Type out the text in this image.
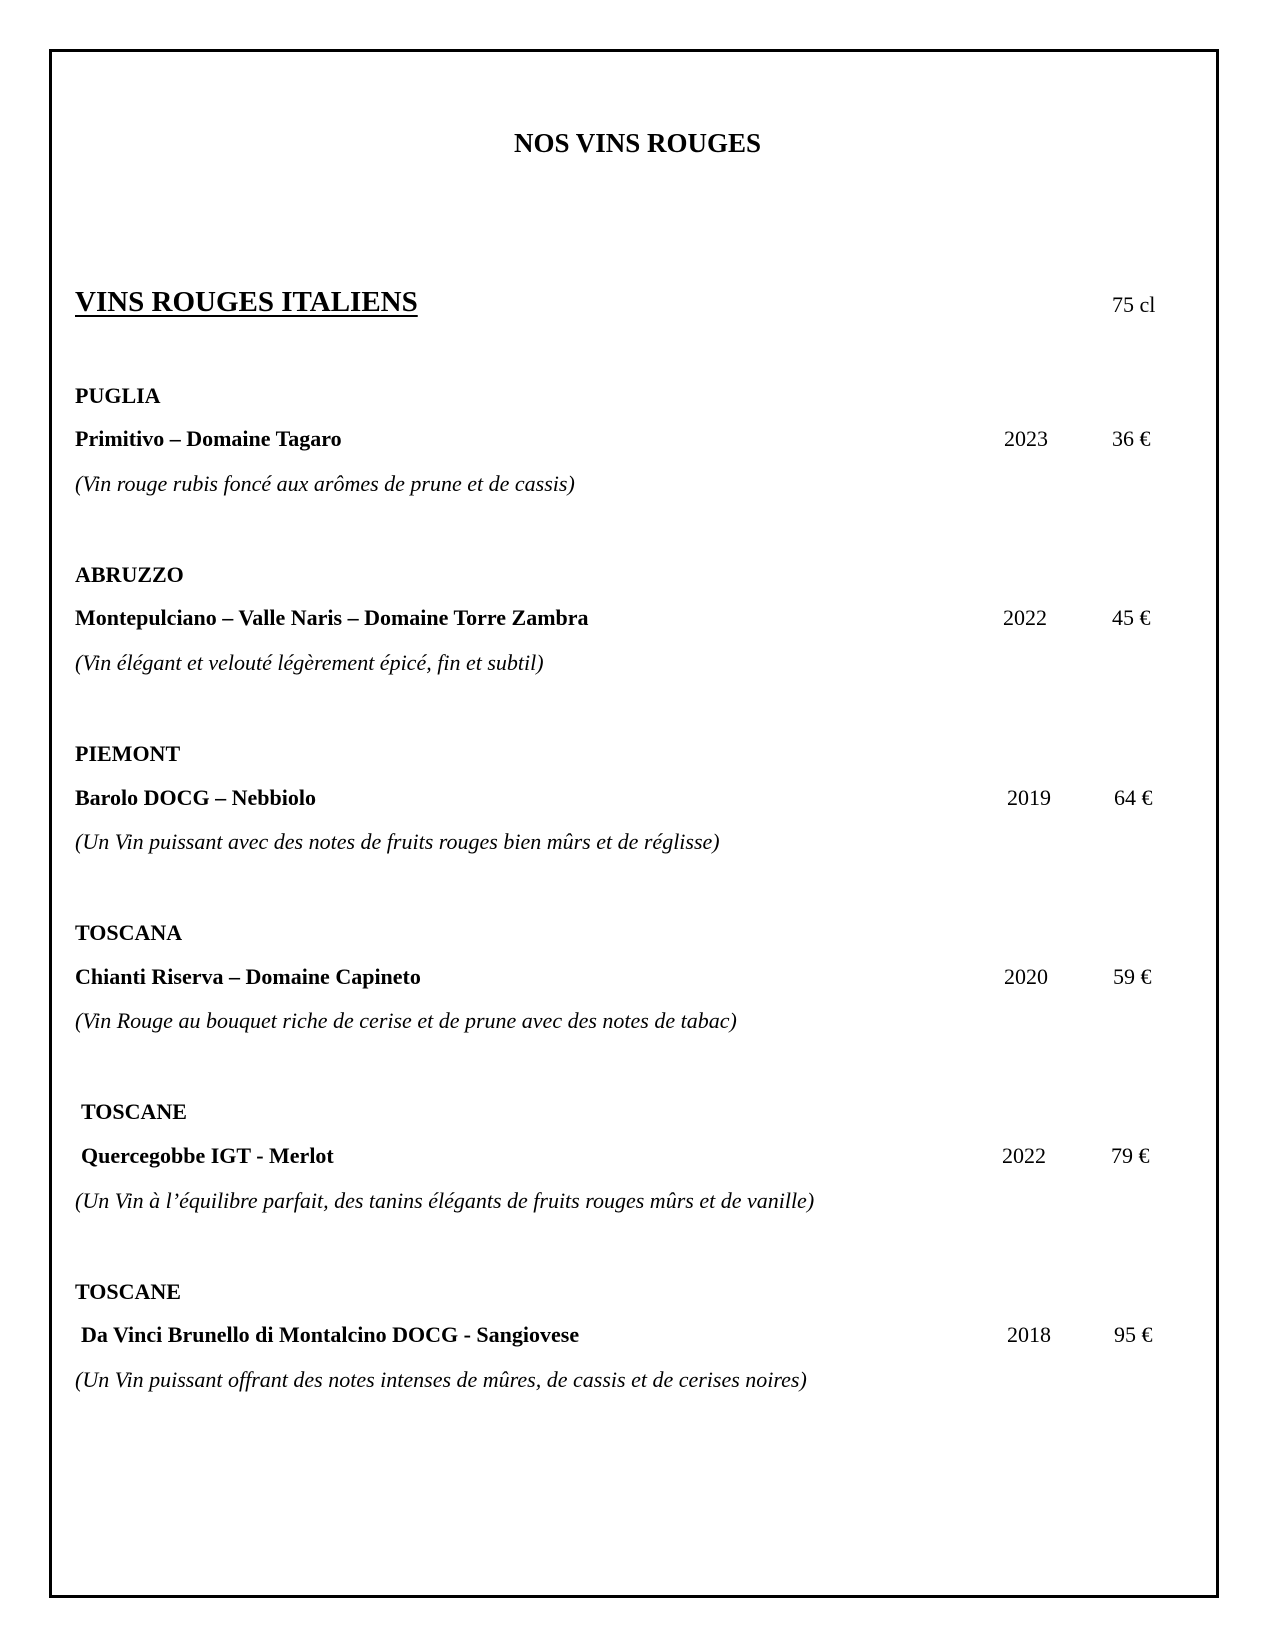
NOS VINS ROUGES
VINS ROUGES ITALIENS	75 cl
PUGLIA
Primitivo – Domaine Tagaro	2023	36 €
(Vin rouge rubis foncé aux arômes de prune et de cassis)
ABRUZZO
Montepulciano – Valle Naris – Domaine Torre Zambra	2022	45 €
(Vin élégant et velouté légèrement épicé, fin et subtil)
PIEMONT
Barolo DOCG – Nebbiolo	2019	64 €
(Un Vin puissant avec des notes de fruits rouges bien mûrs et de réglisse)
TOSCANA
Chianti Riserva – Domaine Capineto	2020	59 €
(Vin Rouge au bouquet riche de cerise et de prune avec des notes de tabac)
TOSCANE
Quercegobbe IGT - Merlot	2022	79 €
(Un Vin à l’équilibre parfait, des tanins élégants de fruits rouges mûrs et de vanille)
TOSCANE
Da Vinci Brunello di Montalcino DOCG - Sangiovese	2018	95 €
(Un Vin puissant offrant des notes intenses de mûres, de cassis et de cerises noires)
